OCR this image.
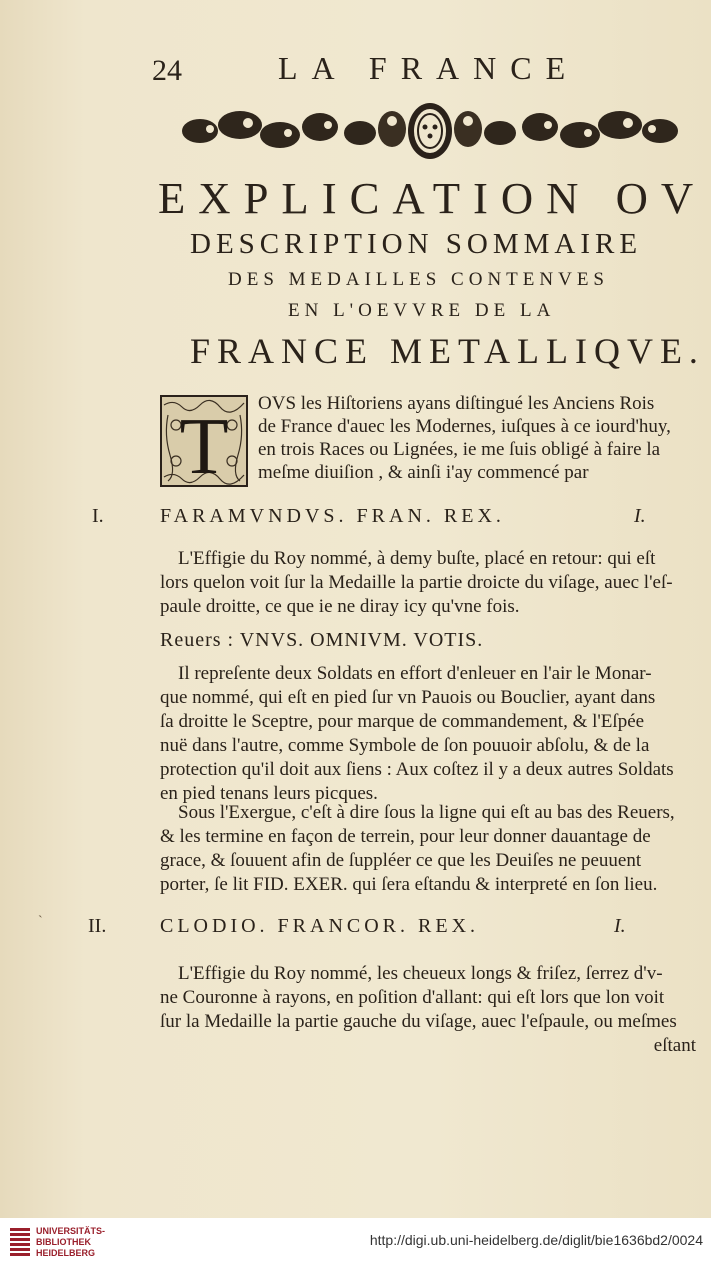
24	LA FRANCE
EXPLICATION OV
DESCRIPTION SOMMAIRE
DES MEDAILLES CONTENVES
EN L'OEVVRE DE LA
FRANCE METALLIQVE.
T OVS les Hiſtoriens ayans diſtingué les Anciens Rois
de France d'auec les Modernes, iuſques à ce iourd'huy,
en trois Races ou Lignées, ie me ſuis obligé à faire la
meſme diuiſion , & ainſi i'ay commencé par
I.	FARAMVNDVS. FRAN. REX.	I.
L'Effigie du Roy nommé, à demy buſte, placé en retour: qui eſt
lors quelon voit ſur la Medaille la partie droicte du viſage, auec l'eſ-
paule droitte, ce que ie ne diray icy qu'vne fois.
Reuers : VNVS. OMNIVM. VOTIS.
Il repreſente deux Soldats en effort d'enleuer en l'air le Monar-
que nommé, qui eſt en pied ſur vn Pauois ou Bouclier, ayant dans
ſa droitte le Sceptre, pour marque de commandement, & l'Eſpée
nuë dans l'autre, comme Symbole de ſon pouuoir abſolu, & de la
protection qu'il doit aux ſiens : Aux coſtez il y a deux autres Soldats
en pied tenans leurs picques.
Sous l'Exergue, c'eſt à dire ſous la ligne qui eſt au bas des Reuers,
& les termine en façon de terrein, pour leur donner dauantage de
grace, & ſouuent afin de ſuppléer ce que les Deuiſes ne peuuent
porter, ſe lit FID. EXER. qui ſera eſtandu & interpreté en ſon lieu.
II.	CLODIO. FRANCOR. REX.	I.
L'Effigie du Roy nommé, les cheueux longs & friſez, ſerrez d'v-
ne Couronne à rayons, en poſition d'allant: qui eſt lors que lon voit
ſur la Medaille la partie gauche du viſage, auec l'eſpaule, ou meſmes
eſtant
ˋ
UNIVERSITÄTS-
BIBLIOTHEK
HEIDELBERG
http://digi.ub.uni-heidelberg.de/diglit/bie1636bd2/0024
